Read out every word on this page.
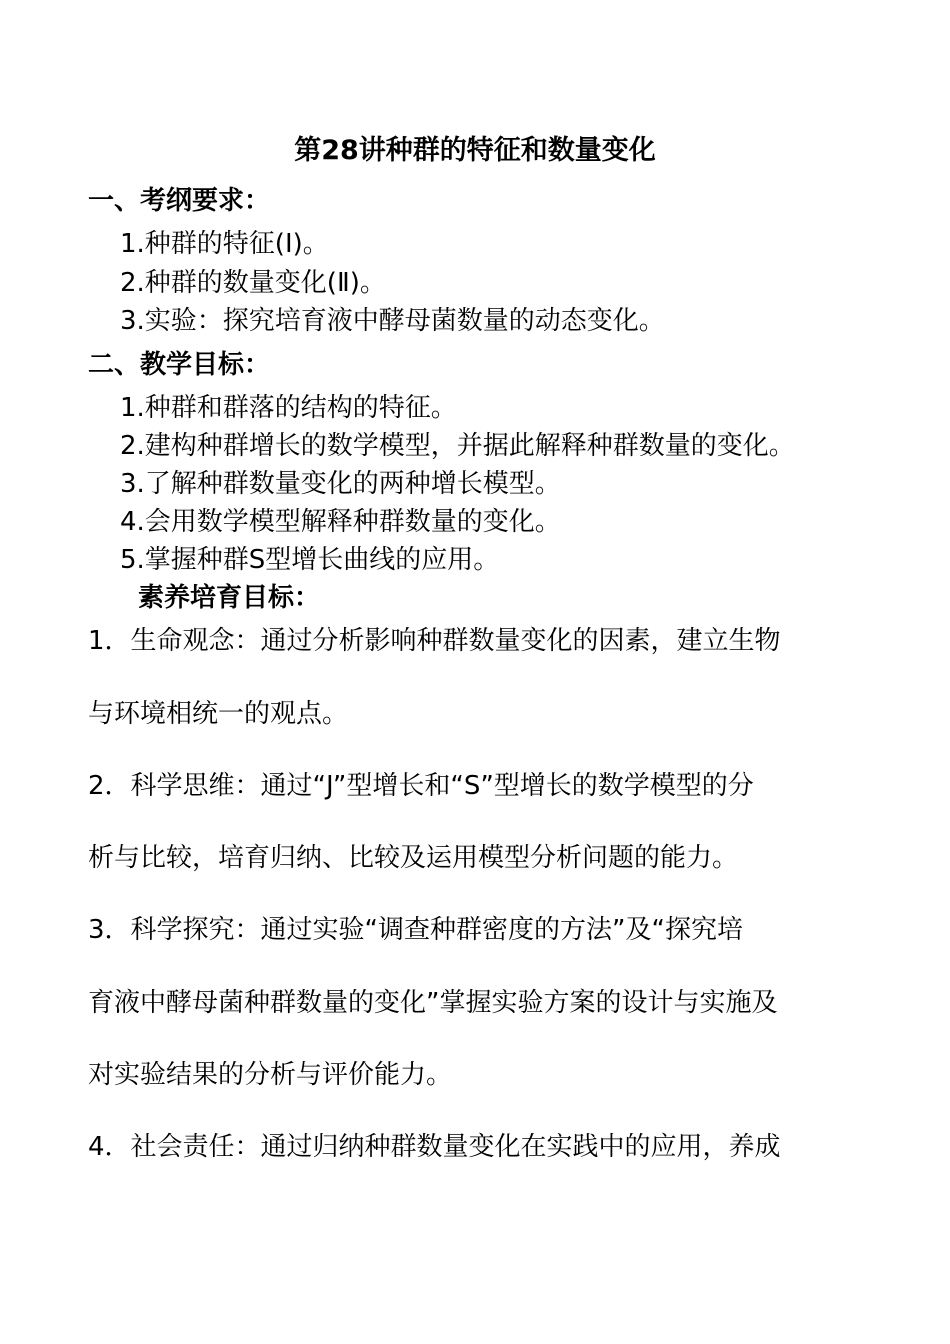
第28讲种群的特征和数量变化
一、考纲要求：
1.种群的特征(Ⅰ)。
2.种群的数量变化(Ⅱ)。
3.实验：探究培育液中酵母菌数量的动态变化。
二、教学目标：
1.种群和群落的结构的特征。
2.建构种群增长的数学模型，并据此解释种群数量的变化。
3.了解种群数量变化的两种增长模型。
4.会用数学模型解释种群数量的变化。
5.掌握种群S型增长曲线的应用。
素养培育目标：
1．生命观念：通过分析影响种群数量变化的因素，建立生物
与环境相统一的观点。
2．科学思维：通过“J”型增长和“S”型增长的数学模型的分
析与比较，培育归纳、比较及运用模型分析问题的能力。
3．科学探究：通过实验“调查种群密度的方法”及“探究培
育液中酵母菌种群数量的变化”掌握实验方案的设计与实施及
对实验结果的分析与评价能力。
4．社会责任：通过归纳种群数量变化在实践中的应用，养成
